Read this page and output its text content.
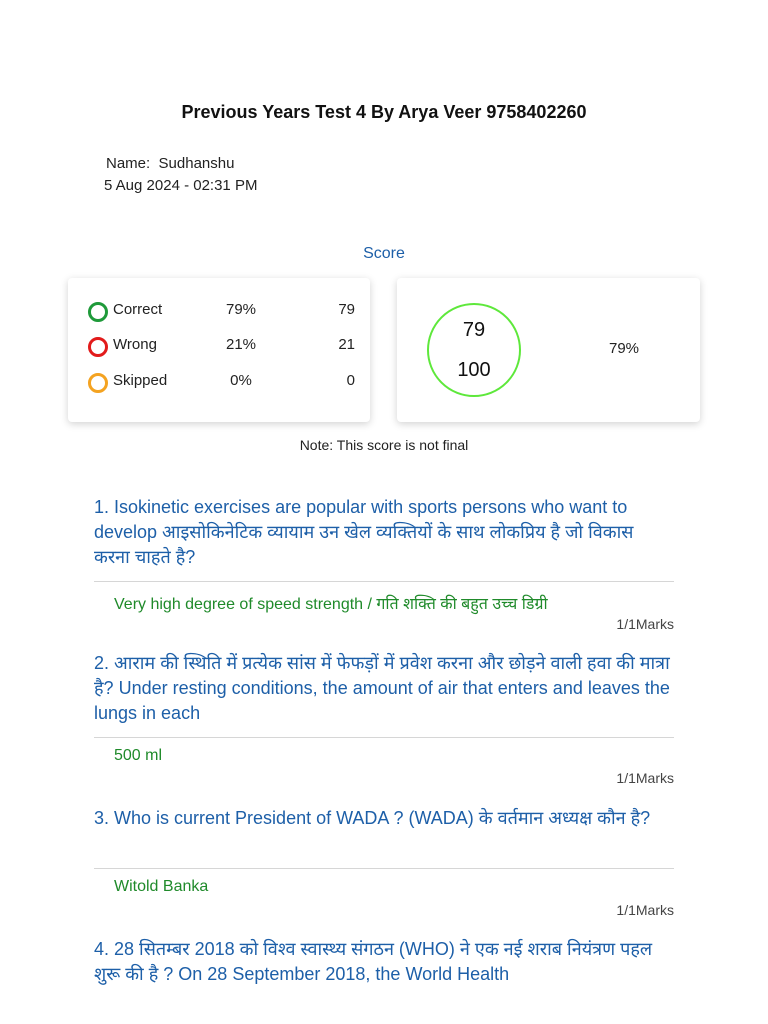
Previous Years Test 4 By Arya Veer 9758402260
Name: Sudhanshu
5 Aug 2024 - 02:31 PM
Score
Correct	79%	79
Wrong	21%	21
Skipped	0%	0
79
100
79%
Note: This score is not final
1. Isokinetic exercises are popular with sports persons who want to develop आइसोकिनेटिक व्यायाम उन खेल व्यक्तियों के साथ लोकप्रिय है जो विकास करना चाहते है?
Very high degree of speed strength / गति शक्ति की बहुत उच्च डिग्री
1/1Marks
2. आराम की स्थिति में प्रत्येक सांस में फेफड़ों में प्रवेश करना और छोड़ने वाली हवा की मात्रा है? Under resting conditions, the amount of air that enters and leaves the lungs in each
500 ml
1/1Marks
3. Who is current President of WADA ? (WADA) के वर्तमान अध्यक्ष कौन है?
Witold Banka
1/1Marks
4. 28 सितम्बर 2018 को विश्व स्वास्थ्य संगठन (WHO) ने एक नई शराब नियंत्रण पहल शुरू की है ? On 28 September 2018, the World Health
